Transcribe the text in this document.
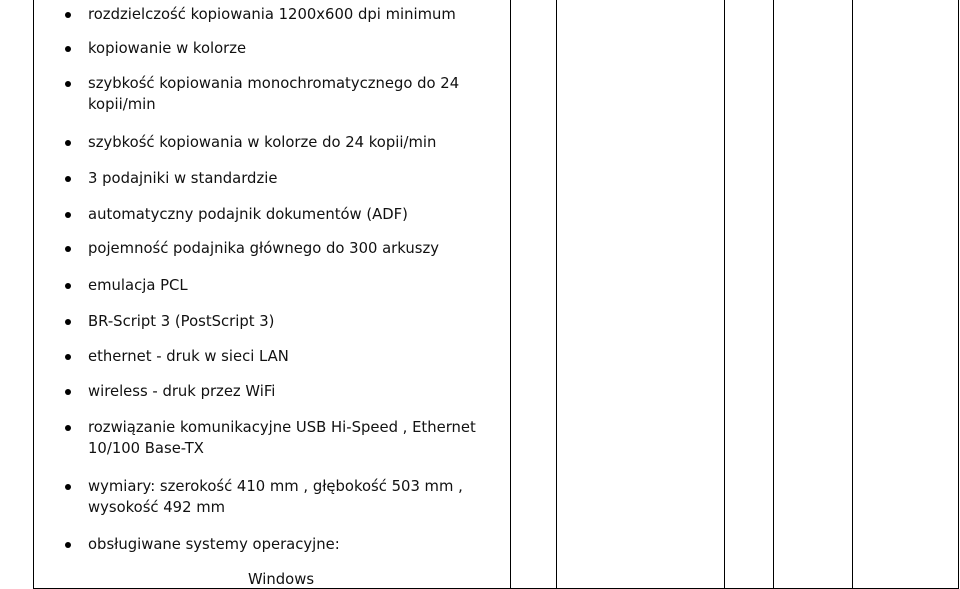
rozdzielczość kopiowania 1200x600 dpi minimum
kopiowanie w kolorze
szybkość kopiowania monochromatycznego do 24 kopii/min
szybkość kopiowania w kolorze do 24 kopii/min
3 podajniki w standardzie
automatyczny podajnik dokumentów (ADF)
pojemność podajnika głównego do 300 arkuszy
emulacja PCL
BR-Script 3 (PostScript 3)
ethernet - druk w sieci LAN
wireless - druk przez WiFi
rozwiązanie komunikacyjne USB Hi-Speed , Ethernet 10/100 Base-TX
wymiary: szerokość 410 mm , głębokość 503 mm , wysokość 492 mm
obsługiwane systemy operacyjne:
Windows
